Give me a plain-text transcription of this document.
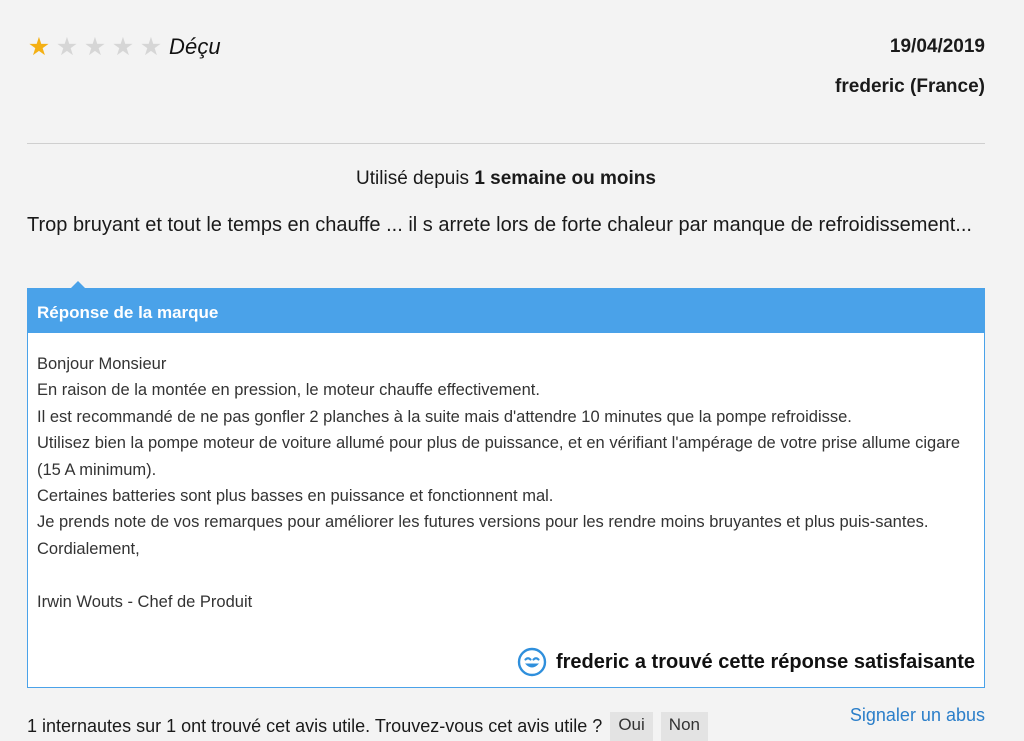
★ ★ ★ ★ ★ Déçu	19/04/2019
frederic (France)
Utilisé depuis 1 semaine ou moins
Trop bruyant et tout le temps en chauffe ... il s arrete lors de forte chaleur par manque de refroidissement...
Réponse de la marque

Bonjour Monsieur

En raison de la montée en pression, le moteur chauffe effectivement.

Il est recommandé de ne pas gonfler 2 planches à la suite mais d'attendre 10 minutes que la pompe refroidisse.

Utilisez bien la pompe moteur de voiture allumé pour plus de puissance, et en vérifiant l'ampérage de votre prise allume cigare (15 A minimum).

Certaines batteries sont plus basses en puissance et fonctionnent mal.

Je prends note de vos remarques pour améliorer les futures versions pour les rendre moins bruyantes et plus puis-santes.

Cordialement,

Irwin Wouts - Chef de Produit

frederic a trouvé cette réponse satisfaisante
1 internautes sur 1 ont trouvé cet avis utile. Trouvez-vous cet avis utile ? Oui Non	Signaler un abus
